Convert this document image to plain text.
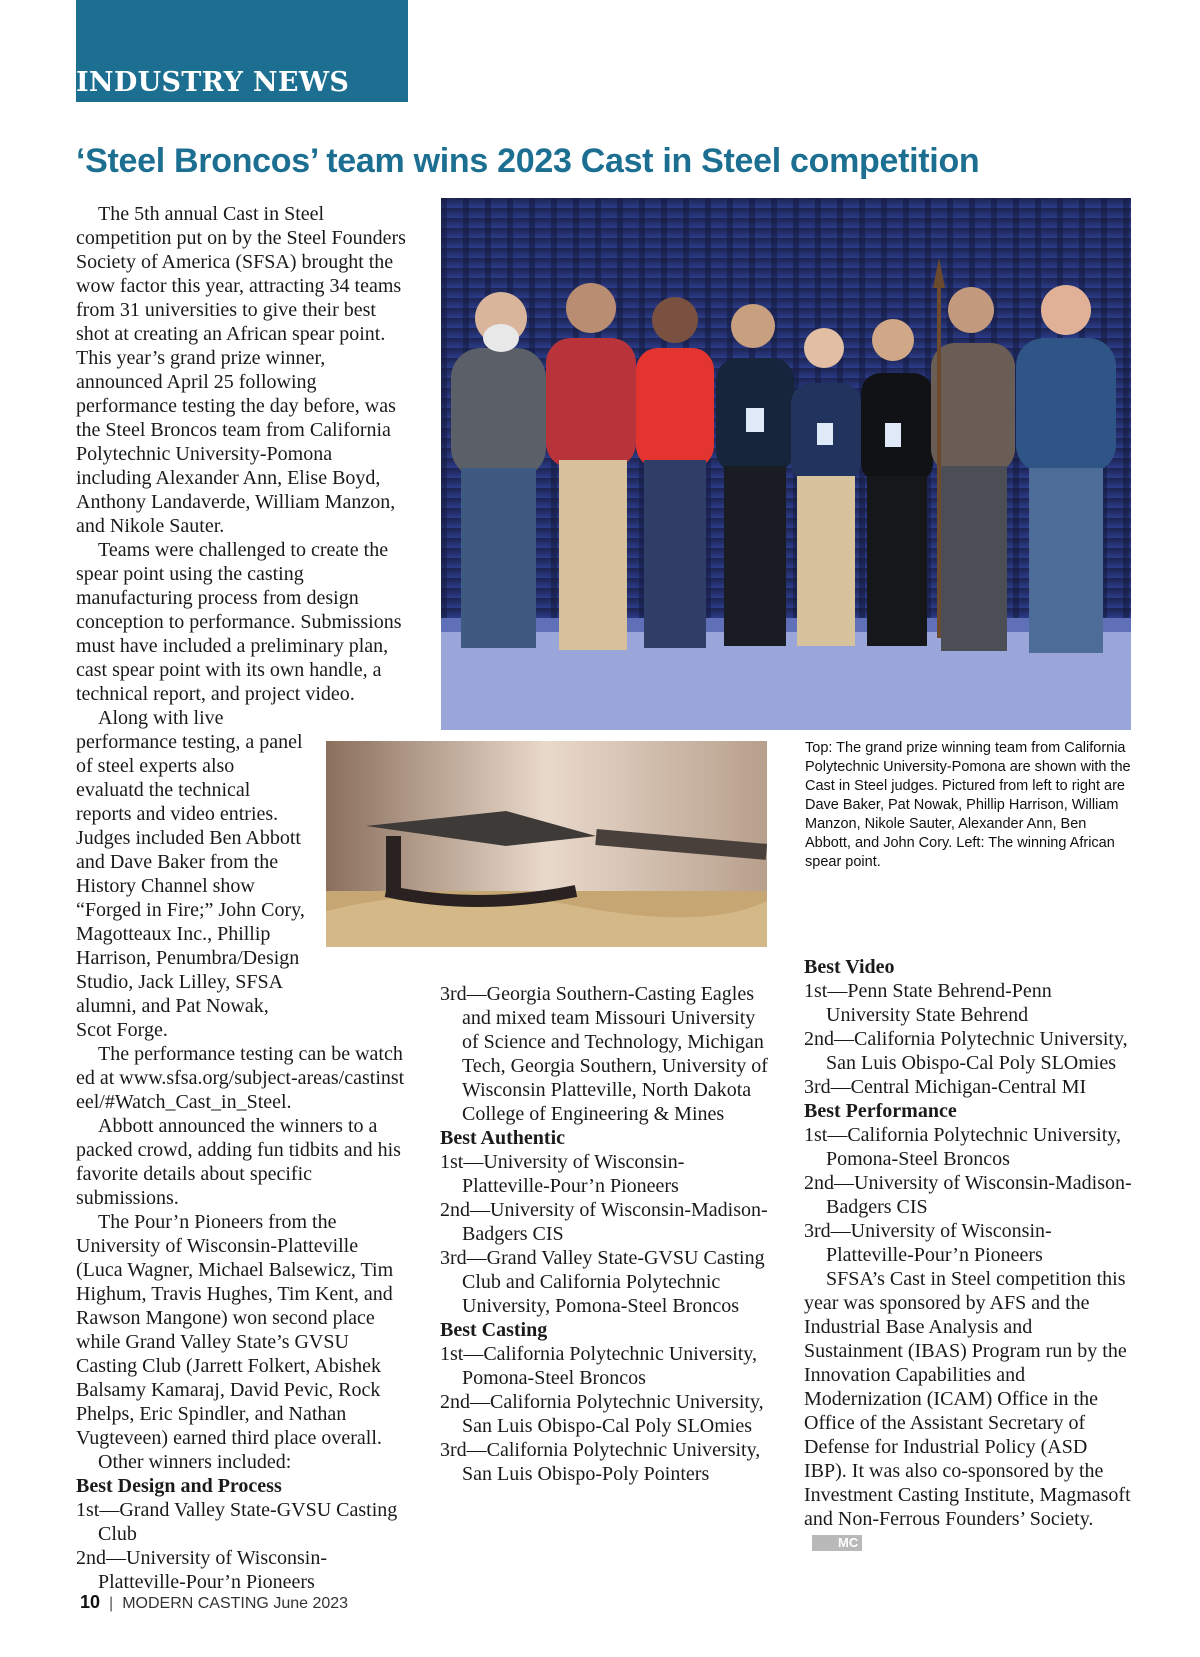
INDUSTRY NEWS
‘Steel Broncos’ team wins 2023 Cast in Steel competition
Top: The grand prize winning team from California Polytechnic University-Pomona are shown with the Cast in Steel judges. Pictured from left to right are Dave Baker, Pat Nowak, Phillip Harrison, William Manzon, Nikole Sauter, Alexander Ann, Ben Abbott, and John Cory. Left: The winning African spear point.

The 5th annual Cast in Steel competition put on by the Steel Founders Society of America (SFSA) brought the wow factor this year, attracting 34 teams from 31 universities to give their best shot at creating an African spear point. This year’s grand prize winner, announced April 25 following performance testing the day before, was the Steel Broncos team from California Polytechnic University-Pomona including Alexander Ann, Elise Boyd, Anthony Landaverde, William Manzon, and Nikole Sauter.

Teams were challenged to create the spear point using the casting manufacturing process from design conception to performance. Submissions must have included a preliminary plan, cast spear point with its own handle, a technical report, and project video.

Along with live performance testing, a panel of steel experts also evaluatd the technical reports and video entries. Judges included Ben Abbott and Dave Baker from the History Channel show “Forged in Fire;” John Cory, Magotteaux Inc., Phillip Harrison, Penumbra/Design Studio, Jack Lilley, SFSA alumni, and Pat Nowak, Scot Forge.

The performance testing can be watched at www.sfsa.org/subject-areas/castinsteel/#Watch_Cast_in_Steel.

Abbott announced the winners to a packed crowd, adding fun tidbits and his favorite details about specific submissions.

The Pour’n Pioneers from the University of Wisconsin-Platteville (Luca Wagner, Michael Balsewicz, Tim Highum, Travis Hughes, Tim Kent, and Rawson Mangone) won second place while Grand Valley State’s GVSU Casting Club (Jarrett Folkert, Abishek Balsamy Kamaraj, David Pevic, Rock Phelps, Eric Spindler, and Nathan Vugteveen) earned third place overall.

Other winners included:

Best Design and Process

1st—Grand Valley State-GVSU Casting Club

2nd—University of Wisconsin-Platteville-Pour’n Pioneers

3rd—Georgia Southern-Casting Eagles and mixed team Missouri University of Science and Technology, Michigan Tech, Georgia Southern, University of Wisconsin Platteville, North Dakota College of Engineering & Mines

Best Authentic

1st—University of Wisconsin-Platteville-Pour’n Pioneers

2nd—University of Wisconsin-Madison-Badgers CIS

3rd—Grand Valley State-GVSU Casting Club and California Polytechnic University, Pomona-Steel Broncos

Best Casting

1st—California Polytechnic University, Pomona-Steel Broncos

2nd—California Polytechnic University, San Luis Obispo-Cal Poly SLOmies

3rd—California Polytechnic University, San Luis Obispo-Poly Pointers

Best Video

1st—Penn State Behrend-Penn University State Behrend

2nd—California Polytechnic University, San Luis Obispo-Cal Poly SLOmies

3rd—Central Michigan-Central MI

Best Performance

1st—California Polytechnic University, Pomona-Steel Broncos

2nd—University of Wisconsin-Madison-Badgers CIS

3rd—University of Wisconsin-Platteville-Pour’n Pioneers

SFSA’s Cast in Steel competition this year was sponsored by AFS and the Industrial Base Analysis and Sustainment (IBAS) Program run by the Innovation Capabilities and Modernization (ICAM) Office in the Office of the Assistant Secretary of Defense for Industrial Policy (ASD IBP). It was also co-sponsored by the Investment Casting Institute, Magmasoft and Non-Ferrous Founders’ Society.MC

10 | MODERN CASTING June 2023
